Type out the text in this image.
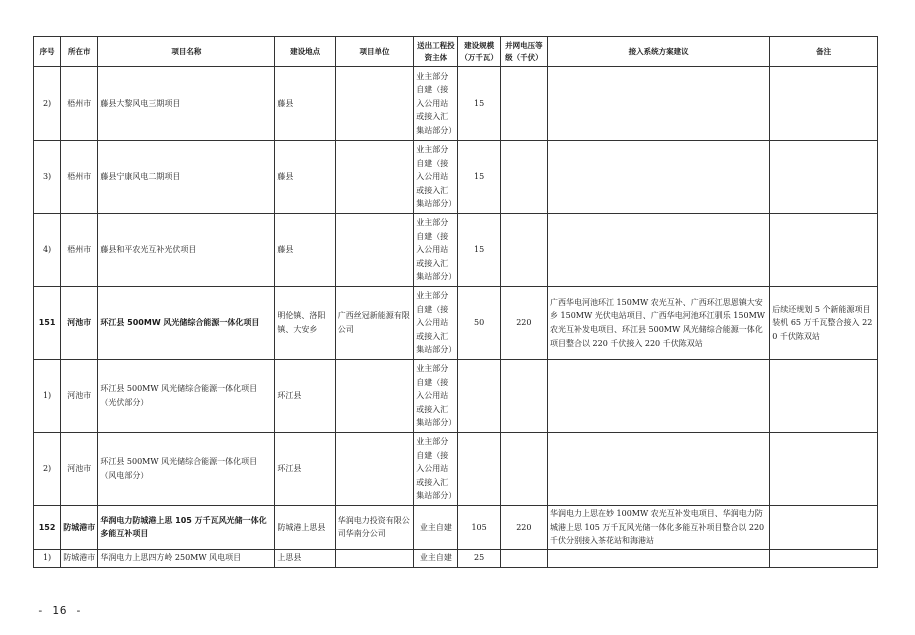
序号	所在市	项目名称	建设地点	项目单位	送出工程投资主体	建设规模（万千瓦）	并网电压等级（千伏）	接入系统方案建议	备注
2)	梧州市	藤县大黎风电三期项目	藤县		业主部分自建（接入公用站或接入汇集站部分）	15			
3)	梧州市	藤县宁康风电二期项目	藤县		业主部分自建（接入公用站或接入汇集站部分）	15			
4)	梧州市	藤县和平农光互补光伏项目	藤县		业主部分自建（接入公用站或接入汇集站部分）	15			
151	河池市	环江县 500MW 风光储综合能源一体化项目	明伦镇、洛阳镇、大安乡	广西丝冠新能源有限公司	业主部分自建（接入公用站或接入汇集站部分）	50	220	广西华电河池环江 150MW 农光互补、广西环江思恩镇大安乡 150MW 光伏电站项目、广西华电河池环江驯乐 150MW 农光互补发电项目、环江县 500MW 风光储综合能源一体化项目整合以 220 千伏接入 220 千伏陈双站	后续还规划 5 个新能源项目装机 65 万千瓦整合接入 220 千伏陈双站
1)	河池市	环江县 500MW 风光储综合能源一体化项目（光伏部分）	环江县		业主部分自建（接入公用站或接入汇集站部分）				
2)	河池市	环江县 500MW 风光储综合能源一体化项目（风电部分）	环江县		业主部分自建（接入公用站或接入汇集站部分）				
152	防城港市	华润电力防城港上思 105 万千瓦风光储一体化多能互补项目	防城港上思县	华润电力投资有限公司华南分公司	业主自建	105	220	华润电力上思在妙 100MW 农光互补发电项目、华润电力防城港上思 105 万千瓦风光储一体化多能互补项目整合以 220 千伏分别接入茶花站和海港站	
1)	防城港市	华润电力上思四方岭 250MW 风电项目	上思县		业主自建	25			
- 16 -
